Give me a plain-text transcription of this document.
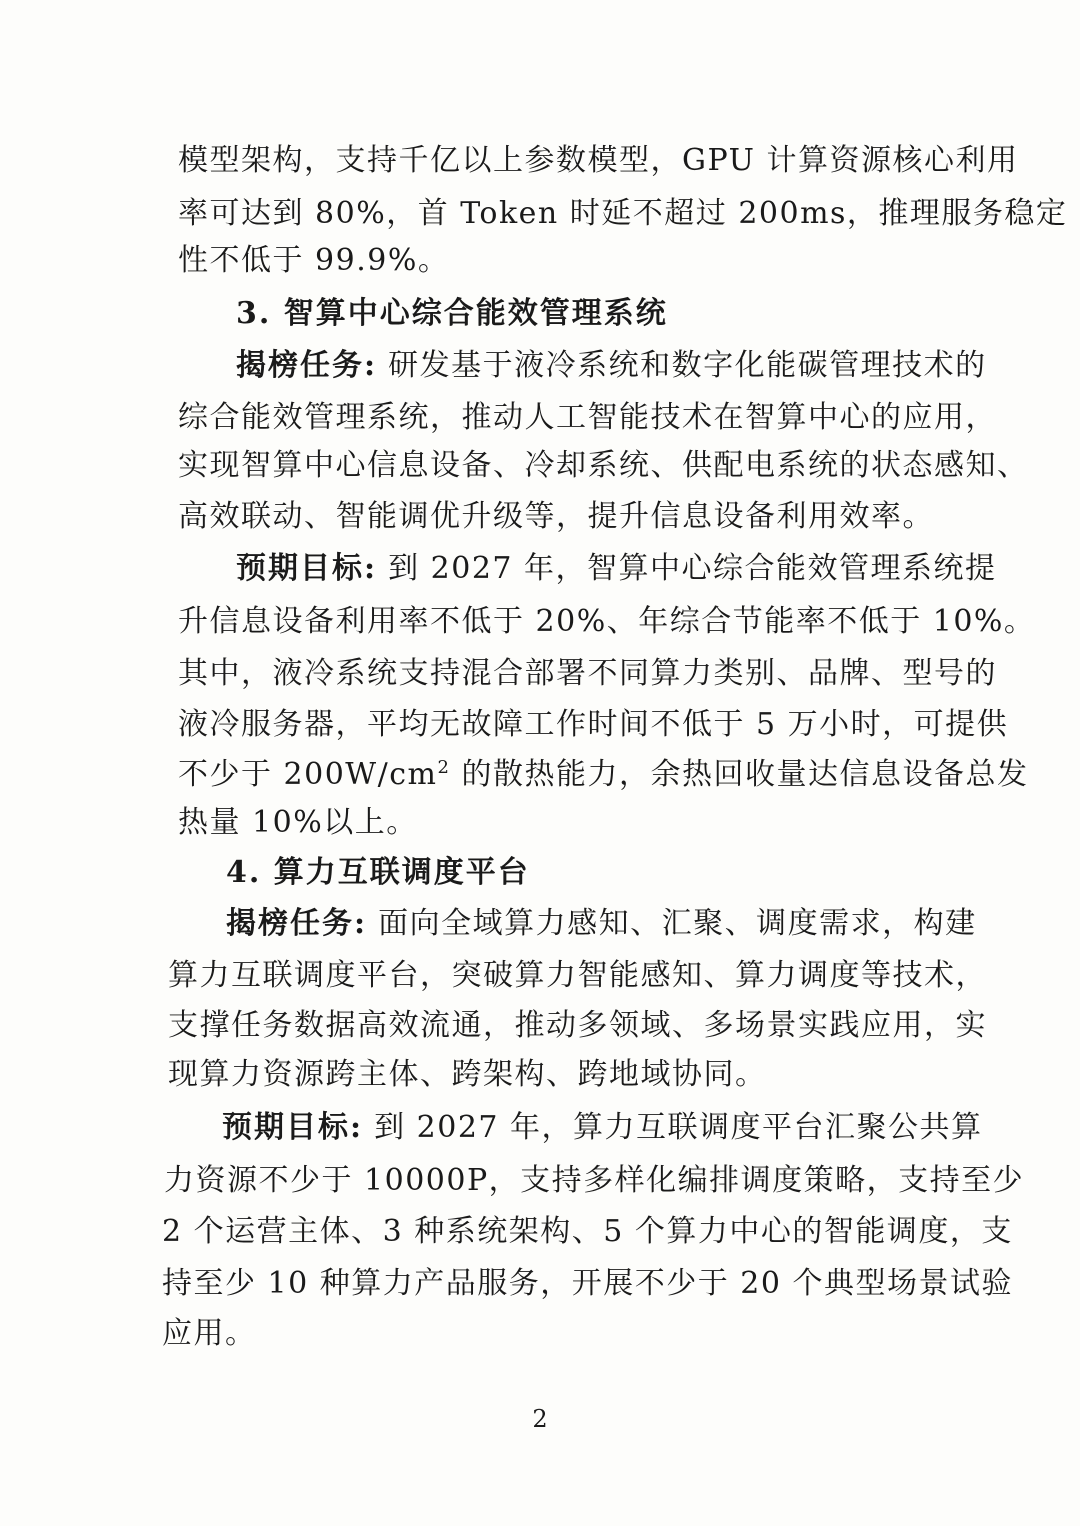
模型架构，支持千亿以上参数模型，GPU 计算资源核心利用
率可达到 80%，首 Token 时延不超过 200ms，推理服务稳定
性不低于 99.9%。
3. 智算中心综合能效管理系统
揭榜任务: 研发基于液冷系统和数字化能碳管理技术的
综合能效管理系统，推动人工智能技术在智算中心的应用，
实现智算中心信息设备、冷却系统、供配电系统的状态感知、
高效联动、智能调优升级等，提升信息设备利用效率。
预期目标: 到 2027 年，智算中心综合能效管理系统提
升信息设备利用率不低于 20%、年综合节能率不低于 10%。
其中，液冷系统支持混合部署不同算力类别、品牌、型号的
液冷服务器，平均无故障工作时间不低于 5 万小时，可提供
不少于 $200W/cm^2$ 的散热能力，余热回收量达信息设备总发
热量 10%以上。
4. 算力互联调度平台
揭榜任务: 面向全域算力感知、汇聚、调度需求，构建
算力互联调度平台，突破算力智能感知、算力调度等技术，
支撑任务数据高效流通，推动多领域、多场景实践应用，实
现算力资源跨主体、跨架构、跨地域协同。
预期目标: 到 2027 年，算力互联调度平台汇聚公共算
力资源不少于 10000P，支持多样化编排调度策略，支持至少
2 个运营主体、3 种系统架构、5 个算力中心的智能调度，支
持至少 10 种算力产品服务，开展不少于 20 个典型场景试验
应用。
2
